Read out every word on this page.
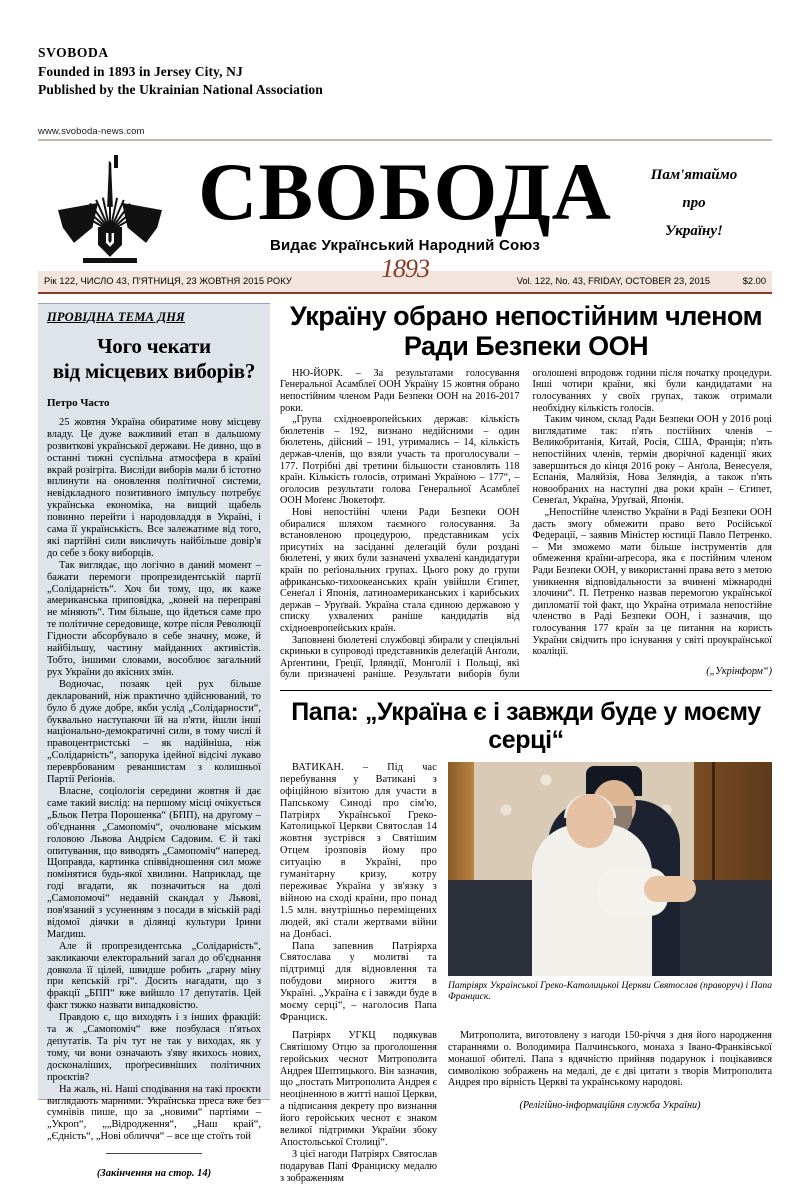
SVOBODA
Founded in 1893 in Jersey City, NJ
Published by the Ukrainian National Association
www.svoboda-news.com
СВОБОДА
Видає Український Народний Союз
Пам'ятаймо
про
Україну!
Рік 122, ЧИСЛО 43, П'ЯТНИЦЯ, 23 ЖОВТНЯ 2015 РОКУ	1893	Vol. 122, No. 43, FRIDAY, OCTOBER 23, 2015	$2.00
ПРОВІДНА ТЕМА ДНЯ
Чого чекати
від місцевих виборів?
Петро Часто

25 жовтня Україна обиратиме нову місцеву владу. Це дуже важливий етап в дальшому розвиткові української держави. Не дивно, що в останні тижні суспільна атмосфера в країні вкрай розігріта. Висліди виборів мали б істотно вплинути на оновлення політичної системи, невідкладного позитивного імпульсу потребує українська економіка, на вищий щабель повинно перейти і народовладдя в Україні, і сама її українськість. Все залежатиме від того, які партійні сили викличуть найбільше довір'я до себе з боку виборців.

Так виглядає, що логічно в даний момент – бажати перемоги пропрезидентській партії „Солідарність“. Хоч би тому, що, як каже американська приповідка, „коней на переправі не міняють“. Тим більше, що йдеться саме про те політичне середовище, котре після Революції Гідности абсорбувало в себе значну, може, й найбільшу, частину майданних активістів. Тобто, іншими словами, вособлює загальний рух України до якісних змін.

Водночас, позаяк цей рух більше декларований, ніж практично здійснюваний, то було б дуже добре, якби услід „Солідарности“, буквально наступаючи їй на п'яти, йшли інші національно-демократичні сили, в тому числі й правоцентристські – як надійніша, ніж „Солідарність“, запорука ідейної відсічі лукаво переврбованим реваншистам з колишньої Партії Реґіонів.

Власне, соціологія середини жовтня й дає саме такий вислід: на першому місці очікується „Бльок Петра Порошенка“ (БПП), на другому – об'єднання „Самопоміч“, очолюване міським головою Львова Андрієм Садовим. Є й такі опитування, що виводять „Самопоміч“ наперед. Щоправда, картинка співвідношення сил може помінятися будь-якої хвилини. Наприклад, ще годі вгадати, як позначиться на долі „Самопомочі“ недавній скандал у Львові, пов'язаний з усуненням з посади в міській раді відомої діячки в ділянці культури Ірини Маґдиш.

Але й пропрезидентська „Солідарність“, закликаючи електоральний загал до об'єднання довкола її цілей, швидше робить „гарну міну при кепській грі“. Досить нагадати, що з фракції „БПП“ вже вийшло 17 депутатів. Цей факт тяжко назвати випадковістю.

Правдою є, що виходять і з інших фракцій: та ж „Самопоміч“ вже позбулася п'ятьох депутатів. Та річ тут не так у виходах, як у тому, чи вони означають з'яву якихось нових, досконаліших, проґресивніших політичних проєктів?

На жаль, ні. Наші сподівання на такі проєкти виглядають марними. Українська преса вже без сумнівів пише, що за „новими“ партіями – „Укроп“, „„Відродження“, „Наш край“, „Єдність“, „Нові обличчя“ – все ще стоїть той

(Закінчення на стор. 14)
Україну обрано непостійним членом
Ради Безпеки ООН

НЮ-ЙОРК. – За результатами голосування Генеральної Асамблеї ООН Україну 15 жовтня обрано непостійним членом Ради Безпеки ООН на 2016-2017 роки.

„Група східноевропейських держав: кількість бюлетенів – 192, визнано недійсними – один бюлетень, дійсний – 191, утримались – 14, кількість держав-членів, що взяли участь та проголосували – 177. Потрібні дві третини більшости становлять 118 країн. Кількість голосів, отримані Україною – 177“, – оголосив результати голова Генеральної Асамблеї ООН Моґенс Люкетофт.

Нові непостійні члени Ради Безпеки ООН обиралися шляхом таємного голосування. За встановленою процедурою, представникам усіх присутніх на засіданні делеґацій були роздані бюлетені, у яких були зазначені ухвалені кандидатури країн по реґіональних групах. Цього року до групи африкансько-тихоокеанських країн увійшли Єгипет, Сенеґал і Японія, латиноамериканських і карибських держав – Уруґвай. Україна стала єдиною державою у списку ухвалених раніше кандидатів від східноевропейських країн.

Заповнені бюлетені службовці збирали у спеціяльні скриньки в супроводі представників делеґацій Анґоли, Арґентини, Греції, Ірляндії, Монголії і Польщі, які були призначені раніше. Результати виборів були оголошені впродовж години після початку процедури. Інші чотири країни, які були кандидатами на голосуваннях у своїх групах, також отримали необхідну кількість голосів.

Таким чином, склад Ради Безпеки ООН у 2016 році виглядатиме так: п'ять постійних членів – Великобританія, Китай, Росія, США, Франція; п'ять непостійних членів, термін дворічної каденції яких завершиться до кінця 2016 року – Анґола, Венесуеля, Еспанія, Маляйзія, Нова Зеляндія, а також п'ять новообраних на наступні два роки країн – Єгипет, Сенеґал, Україна, Уруґвай, Японія.

„Непостійне членство України в Раді Безпеки ООН дасть змогу обмежити право вето Російської Федерації, – заявив Міністер юстиції Павло Петренко. – Ми зможемо мати більше інструментів для обмеження країни-аґресора, яка є постійним членом Ради Безпеки ООН, у використанні права вето з метою уникнення відповідальности за вчинені міжнародні злочини“. П. Петренко назвав перемогою української дипломатії той факт, що Україна отримала непостійне членство в Раді Безпеки ООН, і зазначив, що голосування 177 країн за це питання на користь України свідчить про існування у світі проукраїнської коаліції.

(„Укрінформ“)
Папа: „Україна є і завжди буде у моєму серці“

ВАТИКАН. – Під час перебування у Ватикані з офіційною візитою для участи в Папському Синоді про сім'ю, Патріярх Української Греко-Католицької Церкви Святослав 14 жовтня зустрівся з Святішим Отцем ірозповів йому про ситуацію в Україні, про гуманітарну кризу, котру переживає Україна у зв'язку з війною на сході країни, про понад 1.5 млн. внутрішньо переміщених людей, які стали жертвами війни на Донбасі.

Папа запевнив Патріярха Святослава у молитві та підтримці для відновлення та побудови мирного життя в Україні. „Україна є і завжди буде в моєму серці“, – наголосив Папа Франциск.

Патріярх Української Греко-Католицької Церкви Святослав (праворуч) і Папа Франциск.

Патріярх УГКЦ подякував Святішому Отцю за проголошення геройських чеснот Митрополита Андрея Шептицького. Він зазначив, що „постать Митрополита Андрея є неоціненною в житті нашої Церкви, а підписання декрету про визнання його геройських чеснот є знаком великої підтримки України збоку Апостольської Столиці“.

З цієї нагоди Патріярх Святослав подарував Папі Франциску медалю з зображенням

Митрополита, виготовлену з нагоди 150-річчя з дня його народження стараннями о. Володимира Палчинського, монаха з Івано-Франківської монашої обителі. Папа з вдячністю прийняв подарунок і поцікавився символікою зображень на медалі, де є дві цитати з творів Митрополита Андрея про вірність Церкві та українському народові.

(Релігійно-інформаційня служба України)
